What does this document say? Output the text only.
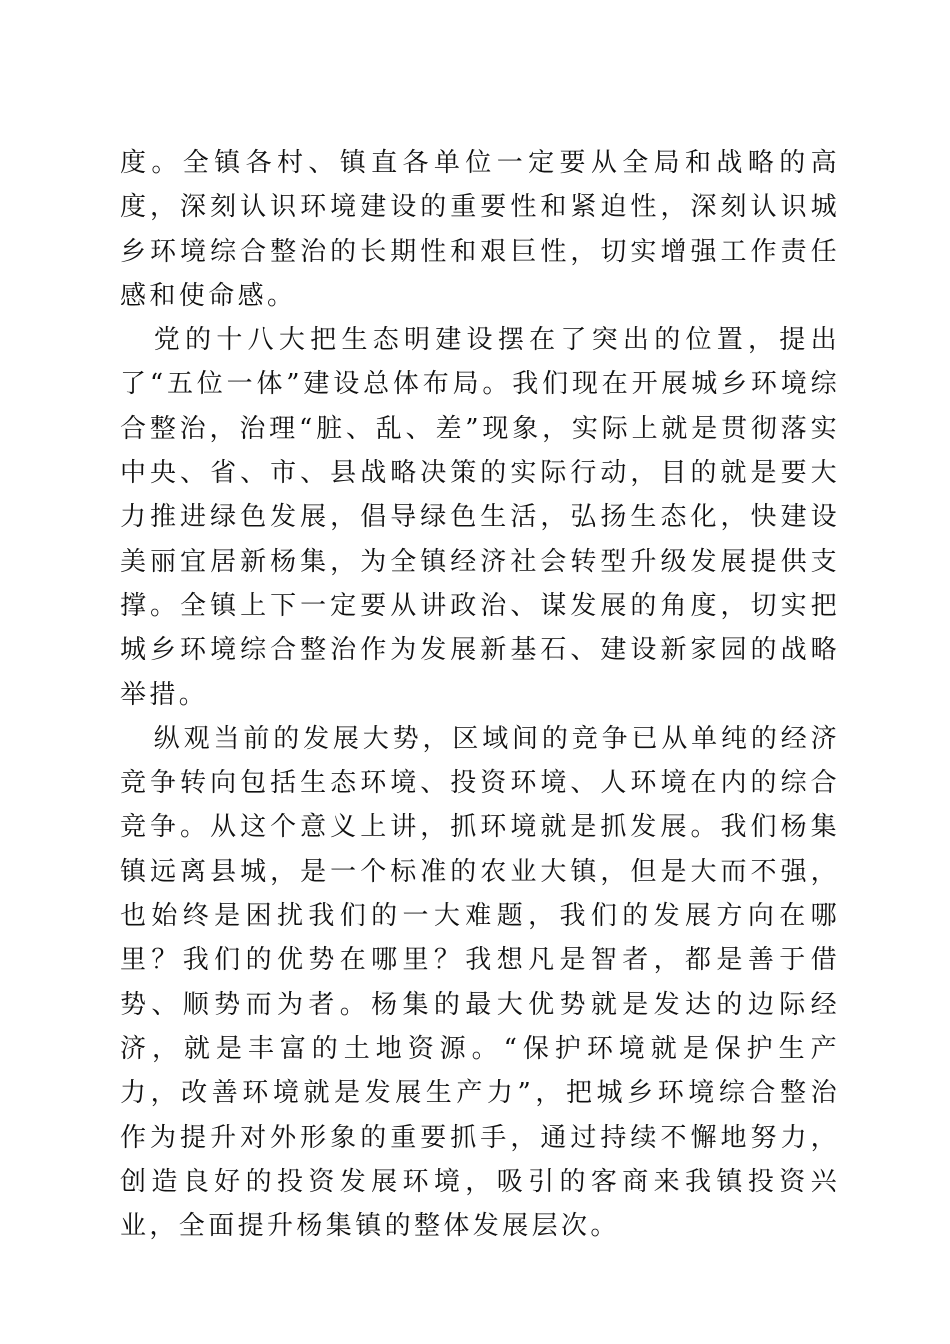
度。全镇各村、镇直各单位一定要从全局和战略的高度，深刻认识环境建设的重要性和紧迫性，深刻认识城乡环境综合整治的长期性和艰巨性，切实增强工作责任感和使命感。

党的十八大把生态明建设摆在了突出的位置，提出了“五位一体”建设总体布局。我们现在开展城乡环境综合整治，治理“脏、乱、差”现象，实际上就是贯彻落实中央、省、市、县战略决策的实际行动，目的就是要大力推进绿色发展，倡导绿色生活，弘扬生态化，快建设美丽宜居新杨集，为全镇经济社会转型升级发展提供支撑。全镇上下一定要从讲政治、谋发展的角度，切实把城乡环境综合整治作为发展新基石、建设新家园的战略举措。

纵观当前的发展大势，区域间的竞争已从单纯的经济竞争转向包括生态环境、投资环境、人环境在内的综合竞争。从这个意义上讲，抓环境就是抓发展。我们杨集镇远离县城，是一个标准的农业大镇，但是大而不强，也始终是困扰我们的一大难题，我们的发展方向在哪里？我们的优势在哪里？我想凡是智者，都是善于借势、顺势而为者。杨集的最大优势就是发达的边际经济，就是丰富的土地资源。“保护环境就是保护生产力，改善环境就是发展生产力”，把城乡环境综合整治作为提升对外形象的重要抓手，通过持续不懈地努力，创造良好的投资发展环境，吸引的客商来我镇投资兴业，全面提升杨集镇的整体发展层次。
